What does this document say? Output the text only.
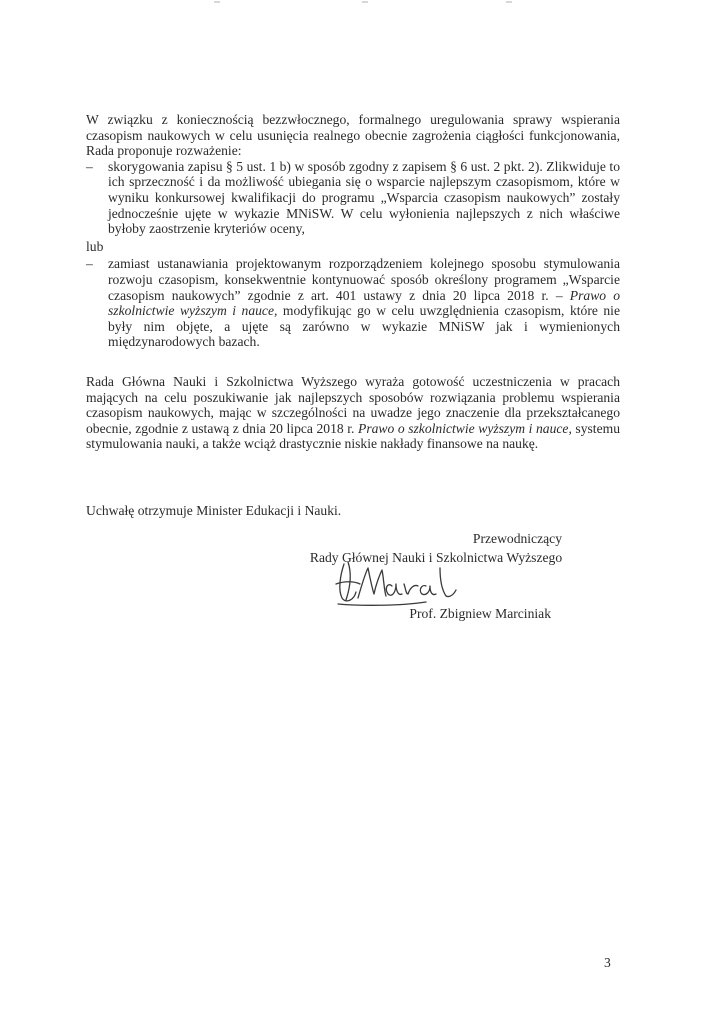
W związku z koniecznością bezzwłocznego, formalnego uregulowania sprawy wspierania czasopism naukowych w celu usunięcia realnego obecnie zagrożenia ciągłości funkcjonowania, Rada proponuje rozważenie:

– skorygowania zapisu § 5 ust. 1 b) w sposób zgodny z zapisem § 6 ust. 2 pkt. 2). Zlikwiduje to ich sprzeczność i da możliwość ubiegania się o wsparcie najlepszym czasopismom, które w wyniku konkursowej kwalifikacji do programu „Wsparcia czasopism naukowych” zostały jednocześnie ujęte w wykazie MNiSW. W celu wyłonienia najlepszych z nich właściwe byłoby zaostrzenie kryteriów oceny,
lub
– zamiast ustanawiania projektowanym rozporządzeniem kolejnego sposobu stymulowania rozwoju czasopism, konsekwentnie kontynuować sposób określony programem „Wsparcie czasopism naukowych” zgodnie z art. 401 ustawy z dnia 20 lipca 2018 r. – Prawo o szkolnictwie wyższym i nauce, modyfikując go w celu uwzględnienia czasopism, które nie były nim objęte, a ujęte są zarówno w wykazie MNiSW jak i wymienionych międzynarodowych bazach.

Rada Główna Nauki i Szkolnictwa Wyższego wyraża gotowość uczestniczenia w pracach mających na celu poszukiwanie jak najlepszych sposobów rozwiązania problemu wspierania czasopism naukowych, mając w szczególności na uwadze jego znaczenie dla przekształcanego obecnie, zgodnie z ustawą z dnia 20 lipca 2018 r. Prawo o szkolnictwie wyższym i nauce, systemu stymulowania nauki, a także wciąż drastycznie niskie nakłady finansowe na naukę.

Uchwałę otrzymuje Minister Edukacji i Nauki.
Przewodniczący
Rady Głównej Nauki i Szkolnictwa Wyższego
Prof. Zbigniew Marciniak
3
